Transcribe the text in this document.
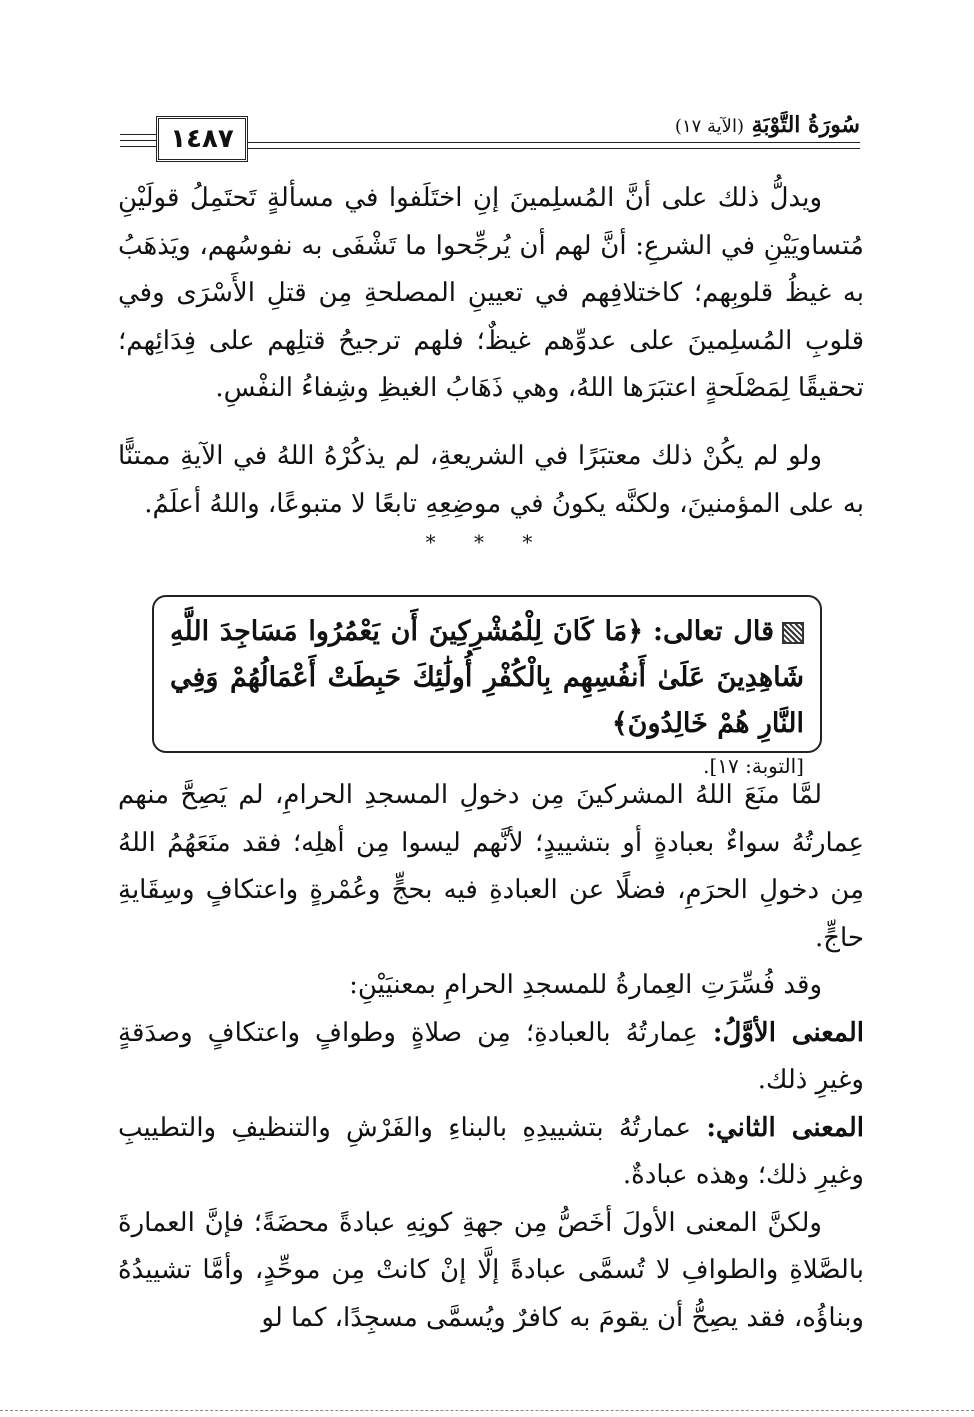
١٤٨٧	سُورَةُ التَّوْبَةِ (الآية ١٧)

ويدلُّ ذلك على أنَّ المُسلِمينَ إنِ اختَلَفوا في مسألةٍ تَحتَمِلُ قولَيْنِ مُتساويَيْنِ في الشرعِ: أنَّ لهم أن يُرجِّحوا ما تَشْفَى به نفوسُهم، ويَذهَبُ به غيظُ قلوبِهم؛ كاختلافِهم في تعيينِ المصلحةِ مِن قتلِ الأَسْرَى وفي قلوبِ المُسلِمينَ على عدوِّهم غيظٌ؛ فلهم ترجيحُ قتلِهم على فِدَائِهم؛ تحقيقًا لِمَصْلَحةٍ اعتبَرَها اللهُ، وهي ذَهَابُ الغيظِ وشِفاءُ النفْسِ.

ولو لم يكُنْ ذلك معتبَرًا في الشريعةِ، لم يذكُرْهُ اللهُ في الآيةِ ممتنًّا به على المؤمنينَ، ولكنَّه يكونُ في موضِعِهِ تابعًا لا متبوعًا، واللهُ أعلَمُ.

* * *
قال تعالى: ﴿مَا كَانَ لِلْمُشْرِكِينَ أَن يَعْمُرُوا مَسَاجِدَ اللَّهِ شَاهِدِينَ عَلَىٰ أَنفُسِهِم بِالْكُفْرِ أُولَٰئِكَ حَبِطَتْ أَعْمَالُهُمْ وَفِي النَّارِ هُمْ خَالِدُونَ﴾
[التوبة: ١٧].

لمَّا منَعَ اللهُ المشركينَ مِن دخولِ المسجدِ الحرامِ، لم يَصِحَّ منهم عِمارتُهُ سواءٌ بعبادةٍ أو بتشييدٍ؛ لأنَّهم ليسوا مِن أهلِه؛ فقد منَعَهُمُ اللهُ مِن دخولِ الحرَمِ، فضلًا عن العبادةِ فيه بحجٍّ وعُمْرةٍ واعتكافٍ وسِقَايةِ حاجٍّ.

وقد فُسِّرَتِ العِمارةُ للمسجدِ الحرامِ بمعنيَيْنِ:

المعنى الأوَّلُ: عِمارتُهُ بالعبادةِ؛ مِن صلاةٍ وطوافٍ واعتكافٍ وصدَقةٍ وغيرِ ذلك.

المعنى الثاني: عمارتُهُ بتشييدِهِ بالبناءِ والفَرْشِ والتنظيفِ والتطييبِ وغيرِ ذلك؛ وهذه عبادةٌ.

ولكنَّ المعنى الأولَ أخَصُّ مِن جهةِ كونِهِ عبادةً محضَةً؛ فإنَّ العمارةَ بالصَّلاةِ والطوافِ لا تُسمَّى عبادةً إلَّا إنْ كانتْ مِن موحِّدٍ، وأمَّا تشييدُهُ وبناؤُه، فقد يصِحُّ أن يقومَ به كافرٌ ويُسمَّى مسجِدًا، كما لو
